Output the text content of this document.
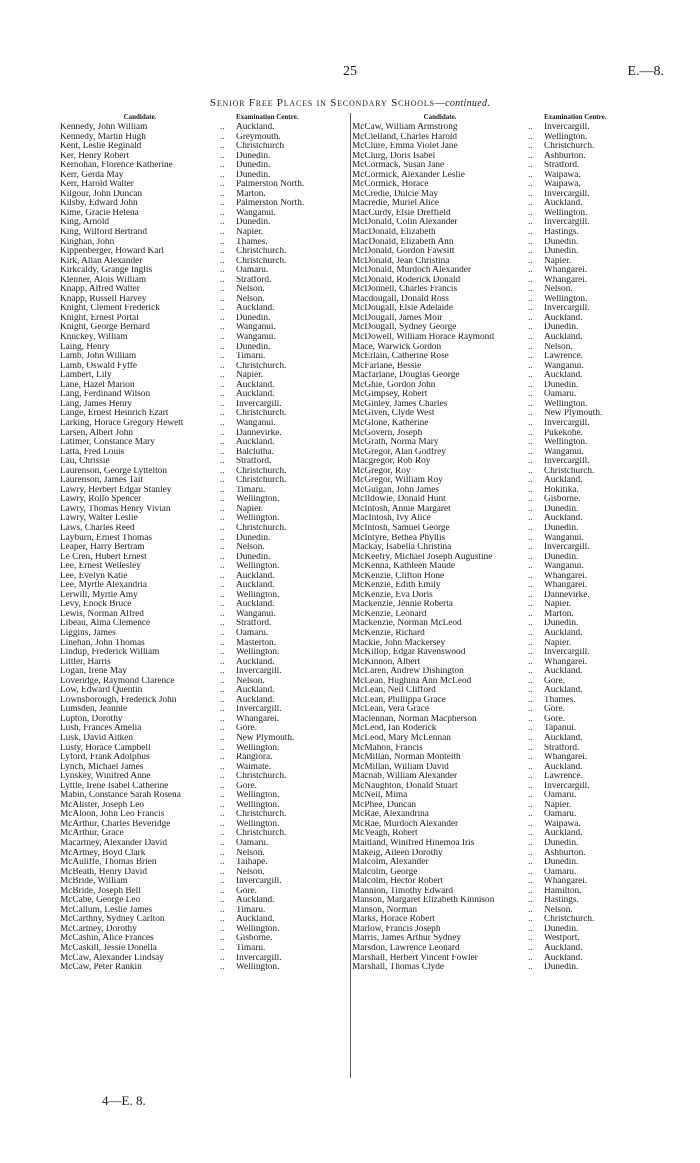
25	E.—8.
Senior Free Places in Secondary Schools—continued.
Candidate.	Examination Centre.
Kennedy, John William	..	Auckland.
Kennedy, Martin Hugh	..	Greymouth.
Kent, Leslie Reginald	..	Christchurch
Ker, Henry Robert	..	Dunedin.
Kernohan, Florence Katherine	..	Dunedin.
Kerr, Gerda May	..	Dunedin.
Kerr, Harold Walter	..	Palmerston North.
Kilgour, John Duncan	..	Marton.
Kilsby, Edward John	..	Palmerston North.
Kime, Gracie Helena	..	Wanganui.
King, Arnold	..	Dunedin.
King, Wilford Bertrand	..	Napier.
Kinghan, John	..	Thames.
Kippenberger, Howard Karl	..	Christchurch.
Kirk, Allan Alexander	..	Christchurch.
Kirkcaldy, Grange Inglis	..	Oamaru.
Klenner, Alois William	..	Stratford.
Knapp, Alfred Walter	..	Nelson.
Knapp, Russell Harvey	..	Nelson.
Knight, Clement Frederick	..	Auckland.
Knight, Ernest Portal	..	Dunedin.
Knight, George Bernard	..	Wanganui.
Knuckey, William	..	Wanganui.
Laing, Henry	..	Dunedin.
Lamb, John William	..	Timaru.
Lamb, Oswald Fyffe	..	Christchurch.
Lambert, Lily	..	Napier.
Lane, Hazel Marion	..	Auckland.
Lang, Ferdinand Wilson	..	Auckland.
Lang, James Henry	..	Invercargill.
Lange, Ernest Heinrich Ezart	..	Christchurch.
Larking, Horace Gregory Hewett	..	Wanganui.
Larsen, Albert John	..	Dannevirke.
Latimer, Constance Mary	..	Auckland.
Latta, Fred Louis	..	Balclutha.
Lau, Chrissie	..	Stratford.
Laurenson, George Lyttelton	..	Christchurch.
Laurenson, James Tait	..	Christchurch.
Lawry, Herbert Edgar Stanley	..	Timaru.
Lawry, Rollo Spencer	..	Wellington.
Lawry, Thomas Henry Vivian	..	Napier.
Lawry, Walter Leslie	..	Wellington.
Laws, Charles Reed	..	Christchurch.
Layburn, Ernest Thomas	..	Dunedin.
Leaper, Harry Bertram	..	Nelson.
Le Cren, Hubert Ernest	..	Dunedin.
Lee, Ernest Wellesley	..	Wellington.
Lee, Evelyn Katie	..	Auckland.
Lee, Myrtle Alexandria	..	Auckland.
Lerwill, Myrtle Amy	..	Wellington.
Levy, Enock Bruce	..	Auckland.
Lewis, Norman Alfred	..	Wanganui.
Libeau, Alma Clemence	..	Stratford.
Liggins, James	..	Oamaru.
Linehan, John Thomas	..	Masterton.
Lindup, Frederick William	..	Wellington.
Littler, Harris	..	Auckland.
Logan, Irene May	..	Invercargill.
Loveridge, Raymond Clarence	..	Nelson.
Low, Edward Quentin	..	Auckland.
Lownsborough, Frederick John	..	Auckland.
Lumsden, Jeannie	..	Invercargill.
Lupton, Dorothy	..	Whangarei.
Lush, Frances Amelia	..	Gore.
Lusk, David Aitken	..	New Plymouth.
Lusty, Horace Campbell	..	Wellington.
Lyford, Frank Adolphus	..	Rangiora.
Lynch, Michael James	..	Waimate.
Lynskey, Winifred Anne	..	Christchurch.
Lyttle, Irene Isabel Catherine	..	Gore.
Mabin, Constance Sarah Rosena	..	Wellington.
McAlister, Joseph Leo	..	Wellington.
McAloon, John Leo Francis	..	Christchurch.
McArthur, Charles Beveridge	..	Wellington.
McArthur, Grace	..	Christchurch.
Macartney, Alexander David	..	Oamaru.
McArtney, Boyd Clark	..	Nelson.
McAuliffe, Thomas Brien	..	Taihape.
McBeath, Henry David	..	Nelson.
McBride, William	..	Invercargill.
McBride, Joseph Bell	..	Gore.
McCabe, George Leo	..	Auckland.
McCallum, Leslie James	..	Timaru.
McCarthny, Sydney Carlton	..	Auckland.
McCartney, Dorothy	..	Wellington.
McCashin, Alice Frances	..	Gisborne.
McCaskill, Jessie Donella	..	Timaru.
McCaw, Alexander Lindsay	..	Invercargill.
McCaw, Peter Rankin	..	Wellington.
Candidate.	Examination Centre.
McCaw, William Armstrong	..	Invercargill.
McClelland, Charles Harold	..	Wellington.
McClure, Emma Violet Jane	..	Christchurch.
McClurg, Doris Isabel	..	Ashburton.
McCormack, Susan Jane	..	Stratford.
McCormick, Alexander Leslie	..	Waipawa.
McCormick, Horace	..	Waipawa.
McCredie, Dulcie May	..	Invercargill.
Macredie, Muriel Alice	..	Auckland.
MacCurdy, Elsie Dreffield	..	Wellington.
McDonald, Colin Alexander	..	Invercargill.
MacDonald, Elizabeth	..	Hastings.
MacDonald, Elizabeth Ann	..	Dunedin.
McDonald, Gordon Fawsitt	..	Dunedin.
McDonald, Jean Christina	..	Napier.
McDonald, Murdoch Alexander	..	Whangarei.
McDonald, Roderick Donald	..	Whangarei.
McDonnell, Charles Francis	..	Nelson.
Macdougall, Donald Ross	..	Wellington.
McDougall, Elsie Adelaide	..	Invercargill.
McDougall, James Moir	..	Auckland.
McDougall, Sydney George	..	Dunedin.
McDowell, William Horace Raymond	..	Auckland.
Mace, Warwick Gordon	..	Nelson.
McErlain, Catherine Rose	..	Lawrence.
McFarlane, Bessie	..	Wanganui.
Macfarlane, Douglas George	..	Auckland.
McGhie, Gordon John	..	Dunedin.
McGimpsey, Robert	..	Oamaru.
McGinley, James Charles	..	Wellington.
McGiven, Clyde West	..	New Plymouth.
McGlone, Katherine	..	Invercargill.
McGovern, Joseph	..	Pukekohe.
McGrath, Norma Mary	..	Wellington.
McGregor, Alan Godfrey	..	Wanganui.
Macgregor, Rob Roy	..	Invercargill.
McGregor, Roy	..	Christchurch.
McGregor, William Roy	..	Auckland.
McGuigan, John James	..	Hokitika.
McIldowie, Donald Hunt	..	Gisborne.
McIntosh, Annie Margaret	..	Dunedin.
MacIntosh, Ivy Alice	..	Auckland.
McIntosh, Samuel George	..	Dunedin.
McIntyre, Bethea Phyllis	..	Wanganui.
Mackay, Isabella Christina	..	Invercargill.
McKeefry, Michael Joseph Augustine	..	Dunedin.
McKenna, Kathleen Maude	..	Wanganui.
McKenzie, Clifton Hone	..	Whangarei.
McKenzie, Edith Emily	..	Whangarei.
McKenzie, Eva Doris	..	Dannevirke.
Mackenzie, Jennie Roberta	..	Napier.
McKenzie, Leonard	..	Marton.
Mackenzie, Norman McLeod	..	Dunedin.
McKenzie, Richard	..	Auckland.
Mackie, John Mackersey	..	Napier.
McKillop, Edgar Ravenswood	..	Invercargill.
McKinnon, Albert	..	Whangarei.
McLaren, Andrew Dishington	..	Auckland.
McLean, Hughina Ann McLeod	..	Gore.
McLean, Neil Clifford	..	Auckland.
McLean, Phillippa Grace	..	Thames.
McLean, Vera Grace	..	Gore.
Maclennan, Norman Macpherson	..	Gore.
McLeod, Ian Roderick	..	Tapanui.
McLeod, Mary McLennan	..	Auckland.
McMahon, Francis	..	Stratford.
McMillan, Norman Monteith	..	Whangarei.
McMillan, William David	..	Auckland.
Macnab, William Alexander	..	Lawrence.
McNaughton, Donald Stuart	..	Invercargill.
McNeil, Mima	..	Oamaru.
McPhee, Duncan	..	Napier.
McRae, Alexandrina	..	Oamaru.
McRae, Murdoch Alexander	..	Waipawa.
McVeagh, Robert	..	Auckland.
Maitland, Winifred Hinemoa Iris	..	Dunedin.
Makeig, Aileen Dorothy	..	Ashburton.
Malcolm, Alexander	..	Dunedin.
Malcolm, George	..	Oamaru.
Malcolm, Hector Robert	..	Whangarei.
Mannion, Timothy Edward	..	Hamilton.
Manson, Margaret Elizabeth Kinnison	..	Hastings.
Manson, Norman	..	Nelson.
Marks, Horace Robert	..	Christchurch.
Marlow, Francis Joseph	..	Dunedin.
Marris, James Arthur Sydney	..	Westport.
Marsdon, Lawrence Leonard	..	Auckland.
Marshall, Herbert Vincent Fowler	..	Auckland.
Marshall, Thomas Clyde	..	Dunedin.
4—E. 8.
